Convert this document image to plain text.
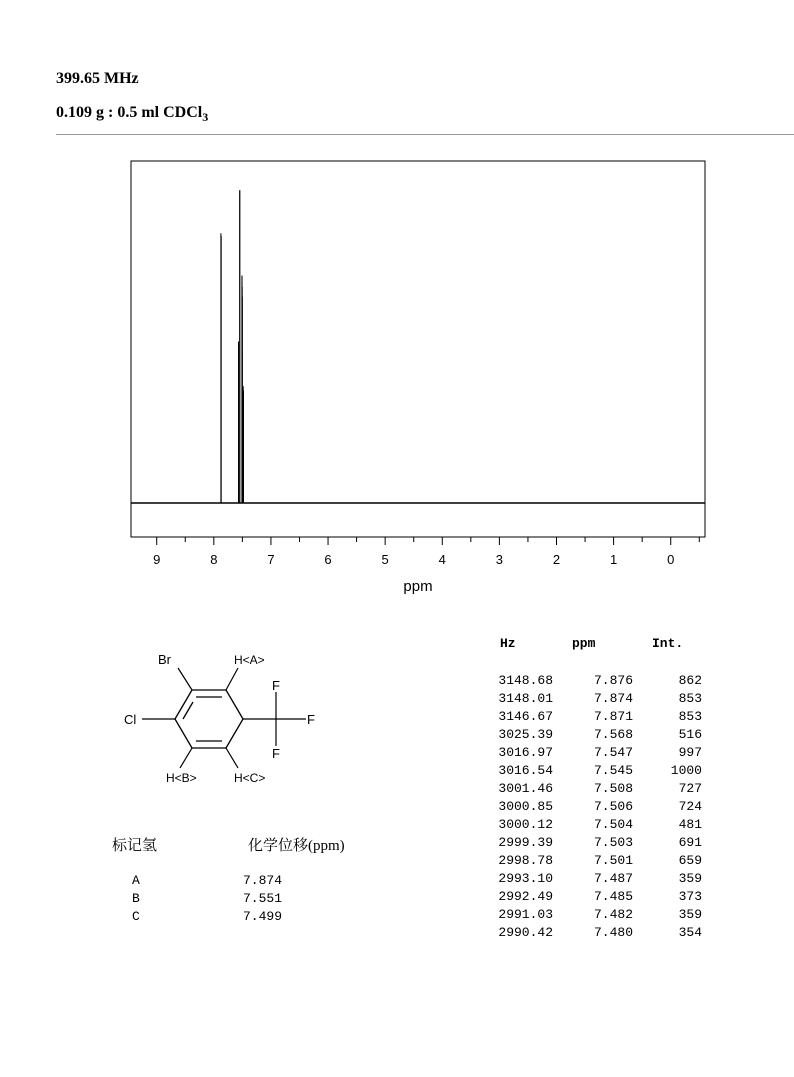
399.65 MHz
0.109 g : 0.5 ml CDCl$_3$
9	8	7	6	5	4	3	2	1	0
ppm
Br
Cl
H<A>
H<B>	H<C>
F
F
F
Hz	ppm	Int.
3148.68	7.876	862
3148.01	7.874	853
3146.67	7.871	853
3025.39	7.568	516
3016.97	7.547	997
3016.54	7.545	1000
3001.46	7.508	727
3000.85	7.506	724
3000.12	7.504	481
2999.39	7.503	691
2998.78	7.501	659
2993.10	7.487	359
2992.49	7.485	373
2991.03	7.482	359
2990.42	7.480	354
标记氢	化学位移(ppm)
A	7.874
B	7.551
C	7.499
